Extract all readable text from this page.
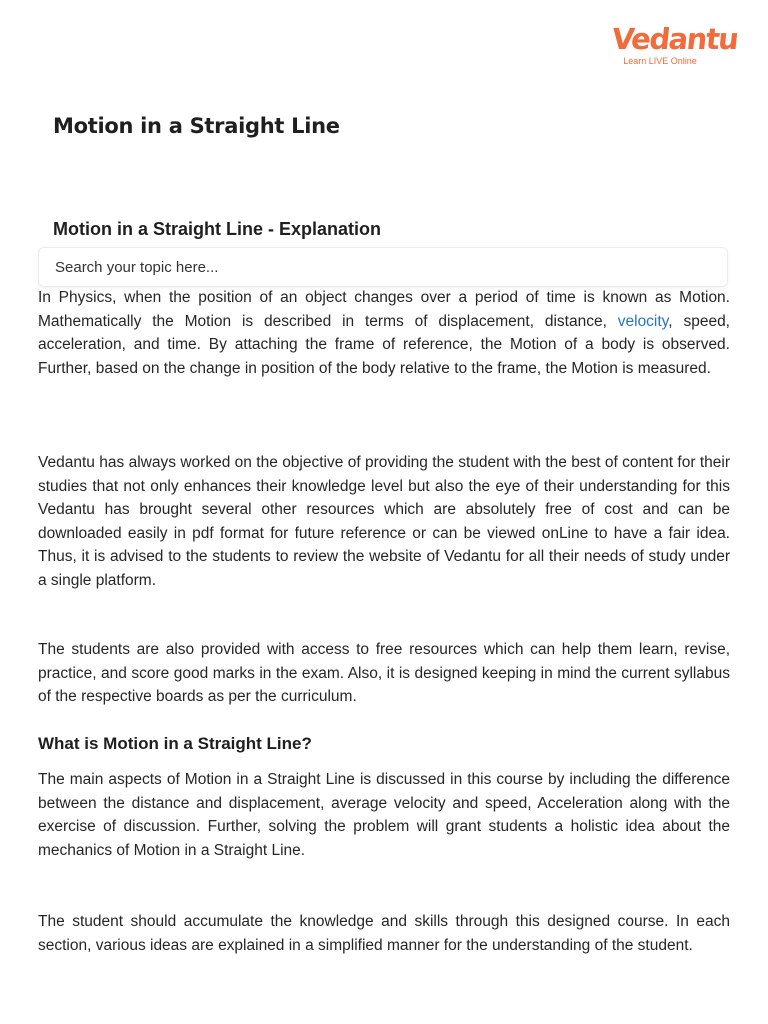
Vedantu
Learn LIVE Online
Motion in a Straight Line
Motion in a Straight Line - Explanation
Search your topic here...

In Physics, when the position of an object changes over a period of time is known as Motion. Mathematically the Motion is described in terms of displacement, distance, velocity, speed, acceleration, and time. By attaching the frame of reference, the Motion of a body is observed. Further, based on the change in position of the body relative to the frame, the Motion is measured.

Vedantu has always worked on the objective of providing the student with the best of content for their studies that not only enhances their knowledge level but also the eye of their understanding for this Vedantu has brought several other resources which are absolutely free of cost and can be downloaded easily in pdf format for future reference or can be viewed onLine to have a fair idea. Thus, it is advised to the students to review the website of Vedantu for all their needs of study under a single platform.

The students are also provided with access to free resources which can help them learn, revise, practice, and score good marks in the exam. Also, it is designed keeping in mind the current syllabus of the respective boards as per the curriculum.

What is Motion in a Straight Line?

The main aspects of Motion in a Straight Line is discussed in this course by including the difference between the distance and displacement, average velocity and speed, Acceleration along with the exercise of discussion. Further, solving the problem will grant students a holistic idea about the mechanics of Motion in a Straight Line.

The student should accumulate the knowledge and skills through this designed course. In each section, various ideas are explained in a simplified manner for the understanding of the student.
